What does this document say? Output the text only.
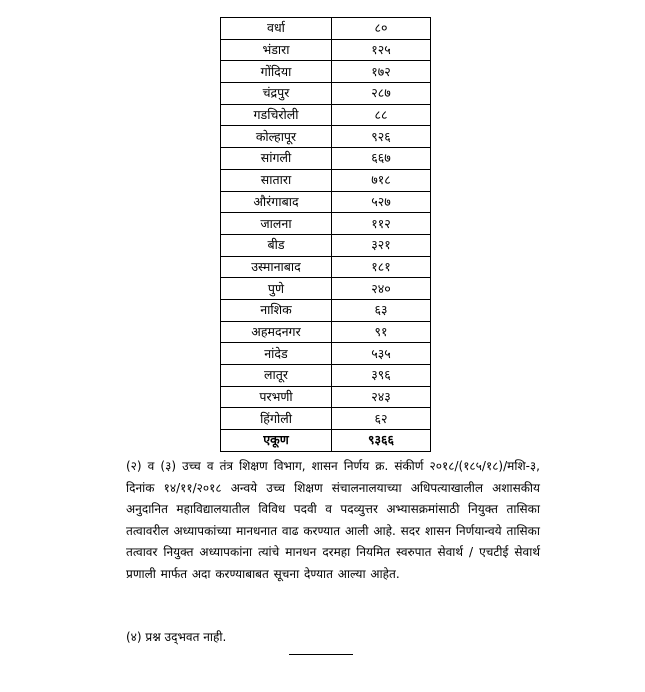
वर्धा	८०
भंडारा	१२५
गोंदिया	१७२
चंद्रपुर	२८७
गडचिरोली	८८
कोल्हापूर	९२६
सांगली	६६७
सातारा	७१८
औरंगाबाद	५२७
जालना	११२
बीड	३२१
उस्मानाबाद	१८१
पुणे	२४०
नाशिक	६३
अहमदनगर	९१
नांदेड	५३५
लातूर	३९६
परभणी	२४३
हिंगोली	६२
एकूण	९३६६

(२) व (३) उच्च व तंत्र शिक्षण विभाग, शासन निर्णय क्र. संकीर्ण २०१८/(१८५/१८)/मशि-३, दिनांक १४/११/२०१८ अन्वये उच्च शिक्षण संचालनालयाच्या अधिपत्याखालील अशासकीय अनुदानित महाविद्यालयातील विविध पदवी व पदव्युत्तर अभ्यासक्रमांसाठी नियुक्त तासिका तत्वावरील अध्यापकांच्या मानधनात वाढ करण्यात आली आहे. सदर शासन निर्णयान्वये तासिका तत्वावर नियुक्त अध्यापकांना त्यांचे मानधन दरमहा नियमित स्वरुपात सेवार्थ / एचटीई सेवार्थ प्रणाली मार्फत अदा करण्याबाबत सूचना देण्यात आल्या आहेत.

(४) प्रश्न उद्‌भवत नाही.
